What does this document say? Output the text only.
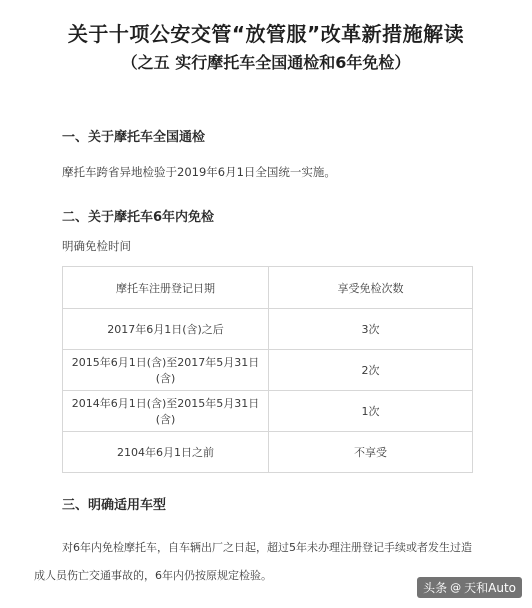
关于十项公安交管“放管服”改革新措施解读
（之五 实行摩托车全国通检和6年免检）
一、关于摩托车全国通检
摩托车跨省异地检验于2019年6月1日全国统一实施。
二、关于摩托车6年内免检
明确免检时间
摩托车注册登记日期	享受免检次数
2017年6月1日(含)之后	3次
2015年6月1日(含)至2017年5月31日(含)	2次
2014年6月1日(含)至2015年5月31日(含)	1次
2104年6月1日之前	不享受
三、明确适用车型
对6年内免检摩托车，自车辆出厂之日起，超过5年未办理注册登记手续或者发生过造
成人员伤亡交通事故的，6年内仍按原规定检验。
头条 @ 天和Auto
